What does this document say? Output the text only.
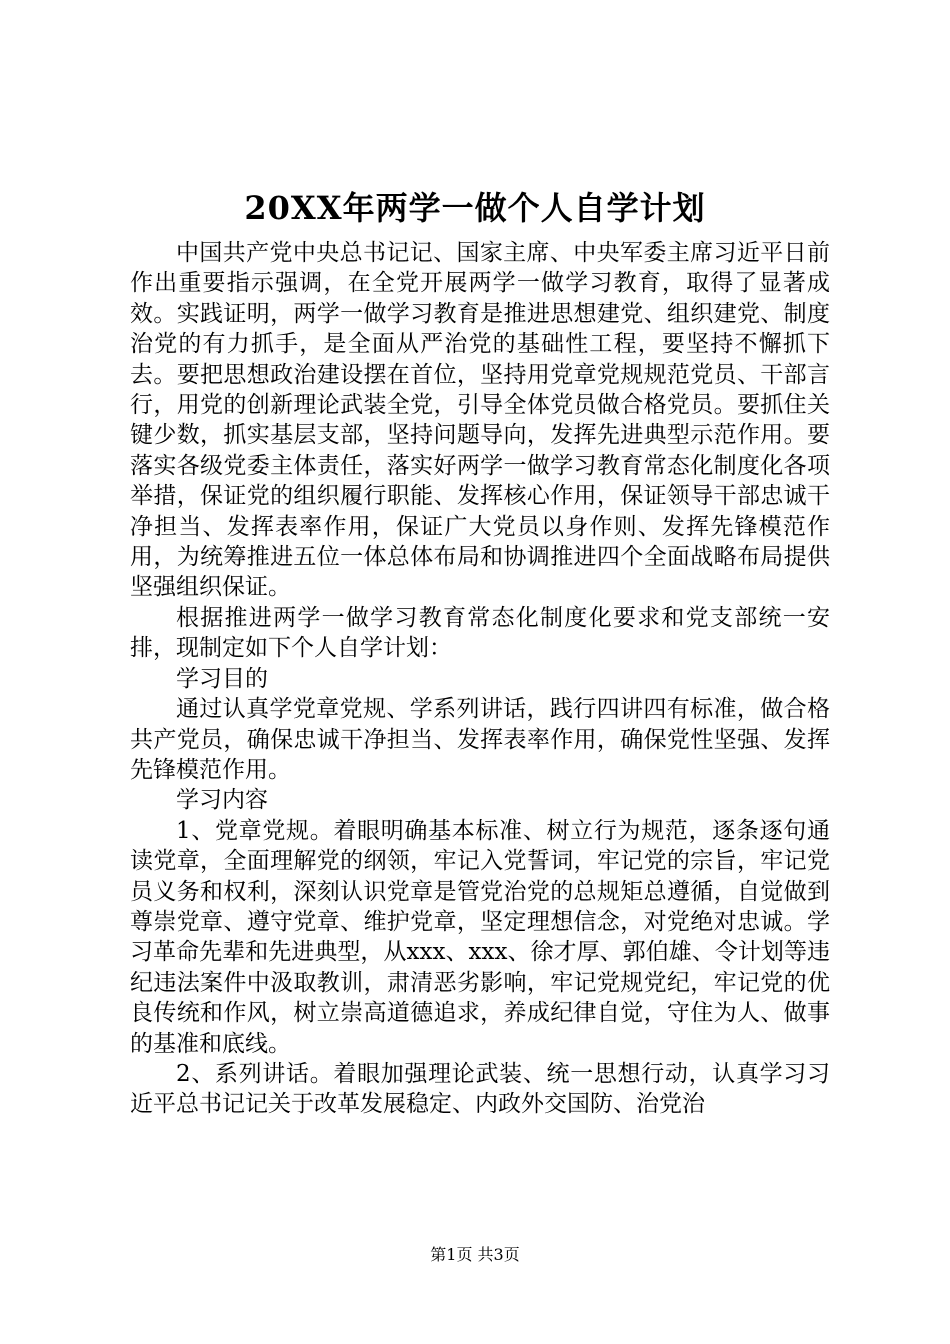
20XX年两学一做个人自学计划

中国共产党中央总书记记、国家主席、中央军委主席习近平日前作出重要指示强调，在全党开展两学一做学习教育，取得了显著成效。实践证明，两学一做学习教育是推进思想建党、组织建党、制度治党的有力抓手，是全面从严治党的基础性工程，要坚持不懈抓下去。要把思想政治建设摆在首位，坚持用党章党规规范党员、干部言行，用党的创新理论武装全党，引导全体党员做合格党员。要抓住关键少数，抓实基层支部，坚持问题导向，发挥先进典型示范作用。要落实各级党委主体责任，落实好两学一做学习教育常态化制度化各项举措，保证党的组织履行职能、发挥核心作用，保证领导干部忠诚干净担当、发挥表率作用，保证广大党员以身作则、发挥先锋模范作用，为统筹推进五位一体总体布局和协调推进四个全面战略布局提供坚强组织保证。

根据推进两学一做学习教育常态化制度化要求和党支部统一安排，现制定如下个人自学计划：

学习目的

通过认真学党章党规、学系列讲话，践行四讲四有标准，做合格共产党员，确保忠诚干净担当、发挥表率作用，确保党性坚强、发挥先锋模范作用。

学习内容

1、党章党规。着眼明确基本标准、树立行为规范，逐条逐句通读党章，全面理解党的纲领，牢记入党誓词，牢记党的宗旨，牢记党员义务和权利，深刻认识党章是管党治党的总规矩总遵循，自觉做到尊崇党章、遵守党章、维护党章，坚定理想信念，对党绝对忠诚。学习革命先辈和先进典型，从xxx、xxx、徐才厚、郭伯雄、令计划等违纪违法案件中汲取教训，肃清恶劣影响，牢记党规党纪，牢记党的优良传统和作风，树立崇高道德追求，养成纪律自觉，守住为人、做事的基准和底线。

2、系列讲话。着眼加强理论武装、统一思想行动，认真学习习近平总书记记关于改革发展稳定、内政外交国防、治党治

第1页 共3页
